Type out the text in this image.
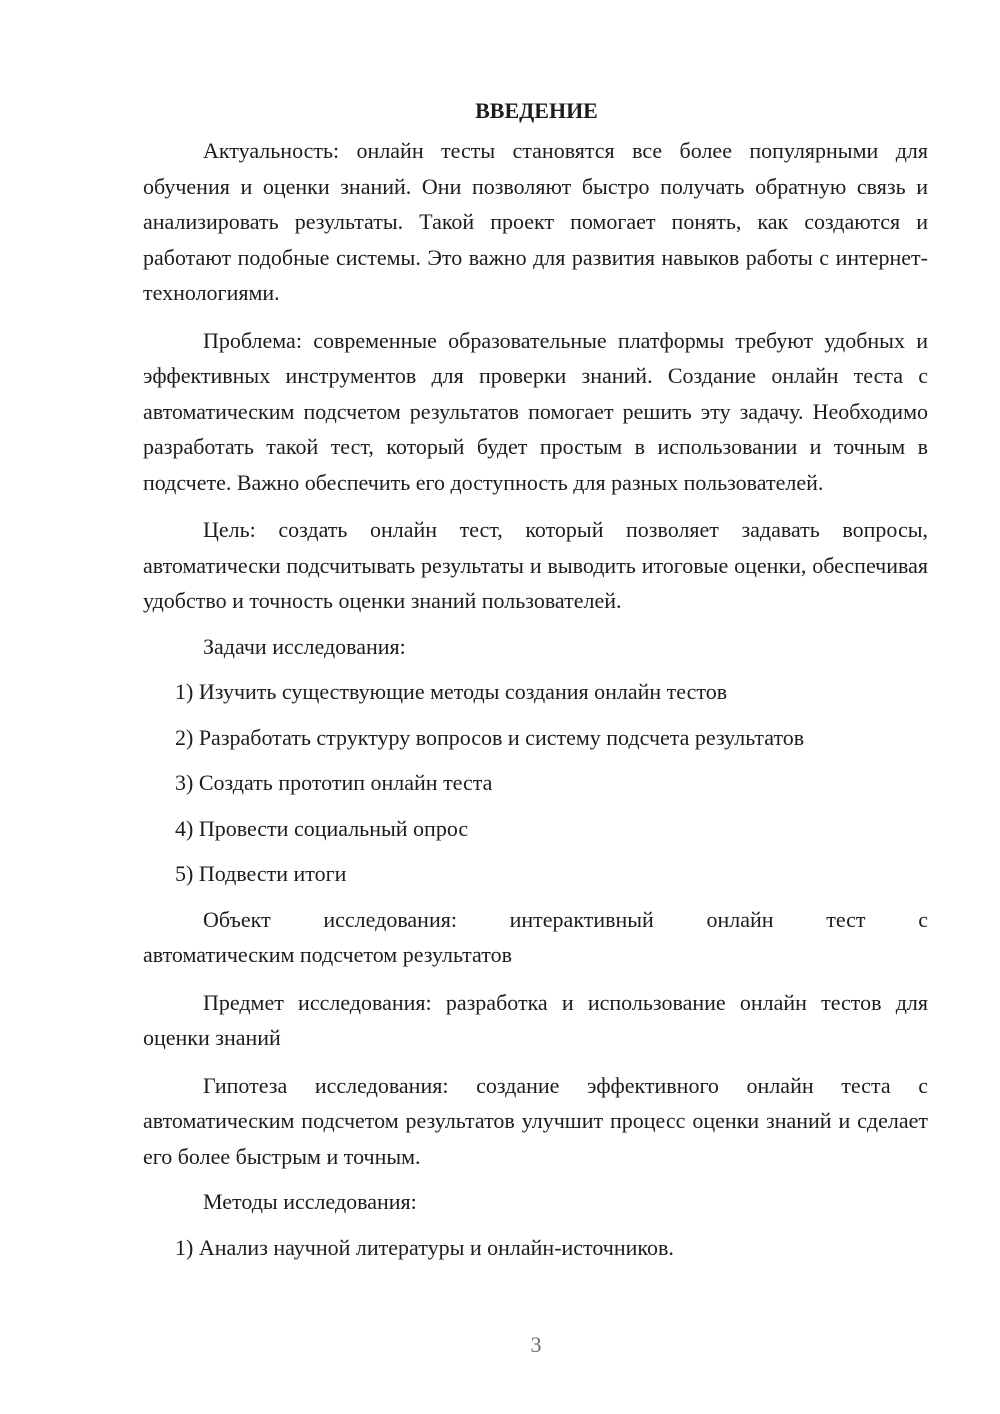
ВВЕДЕНИЕ

Актуальность: онлайн тесты становятся все более популярными для обучения и оценки знаний. Они позволяют быстро получать обратную связь и анализировать результаты. Такой проект помогает понять, как создаются и работают подобные системы. Это важно для развития навыков работы с интернет-технологиями.

Проблема: современные образовательные платформы требуют удобных и эффективных инструментов для проверки знаний. Создание онлайн теста с автоматическим подсчетом результатов помогает решить эту задачу. Необходимо разработать такой тест, который будет простым в использовании и точным в подсчете. Важно обеспечить его доступность для разных пользователей.

Цель: создать онлайн тест, который позволяет задавать вопросы, автоматически подсчитывать результаты и выводить итоговые оценки, обеспечивая удобство и точность оценки знаний пользователей.

Задачи исследования:

1) Изучить существующие методы создания онлайн тестов

2) Разработать структуру вопросов и систему подсчета результатов

3) Создать прототип онлайн теста

4) Провести социальный опрос

5) Подвести итоги

Объект исследования: интерактивный онлайн тест с

автоматическим подсчетом результатов

Предмет исследования: разработка и использование онлайн тестов для оценки знаний

Гипотеза исследования: создание эффективного онлайн теста с автоматическим подсчетом результатов улучшит процесс оценки знаний и сделает его более быстрым и точным.

Методы исследования:

1) Анализ научной литературы и онлайн-источников.

3
